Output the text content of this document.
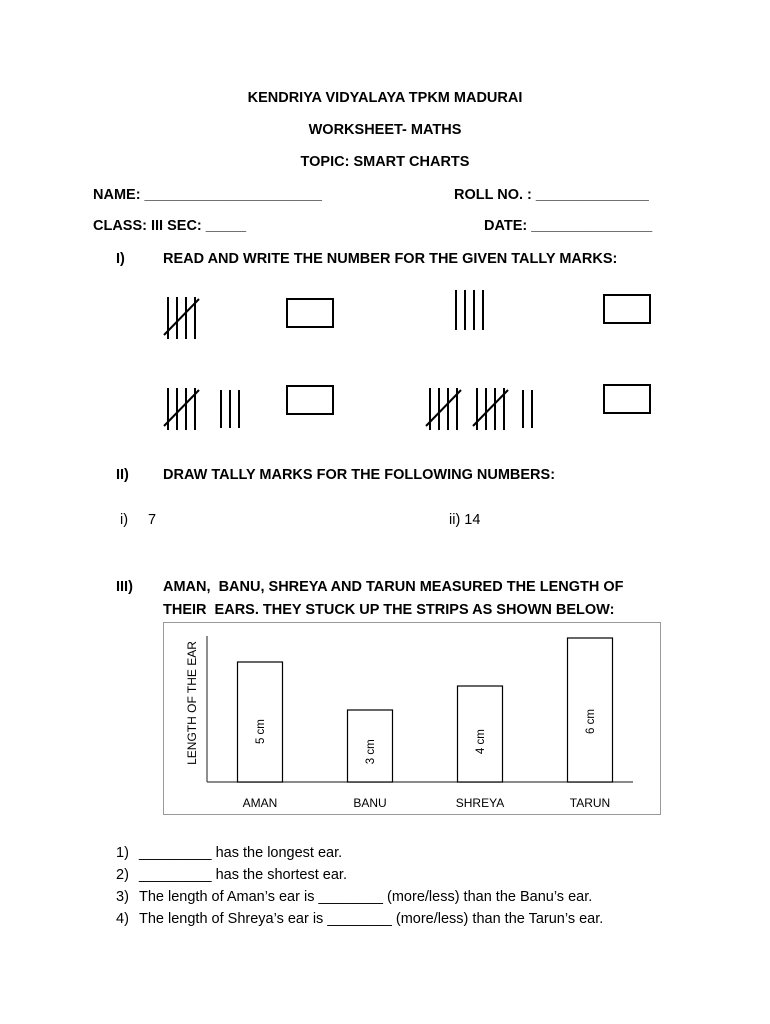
KENDRIYA VIDYALAYA TPKM MADURAI
WORKSHEET- MATHS
TOPIC: SMART CHARTS
NAME: ______________________	ROLL NO. : ______________
CLASS: III SEC: _____	DATE: _______________
I)	READ AND WRITE THE NUMBER FOR THE GIVEN TALLY MARKS:
II) DRAW TALLY MARKS FOR THE FOLLOWING NUMBERS:
i) 7	ii) 14
III) AMAN,  BANU, SHREYA AND TARUN MEASURED THE LENGTH OF
THEIR  EARS. THEY STUCK UP THE STRIPS AS SHOWN BELOW:
LENGTH OF THE EAR	5 cm
AMAN
3 cm
BANU
4 cm
SHREYA
6 cm
TARUN
1) _________ has the longest ear.
2) _________ has the shortest ear.
3) The length of Aman’s ear is ________ (more/less) than the Banu’s ear.
4) The length of Shreya’s ear is ________ (more/less) than the Tarun’s ear.
